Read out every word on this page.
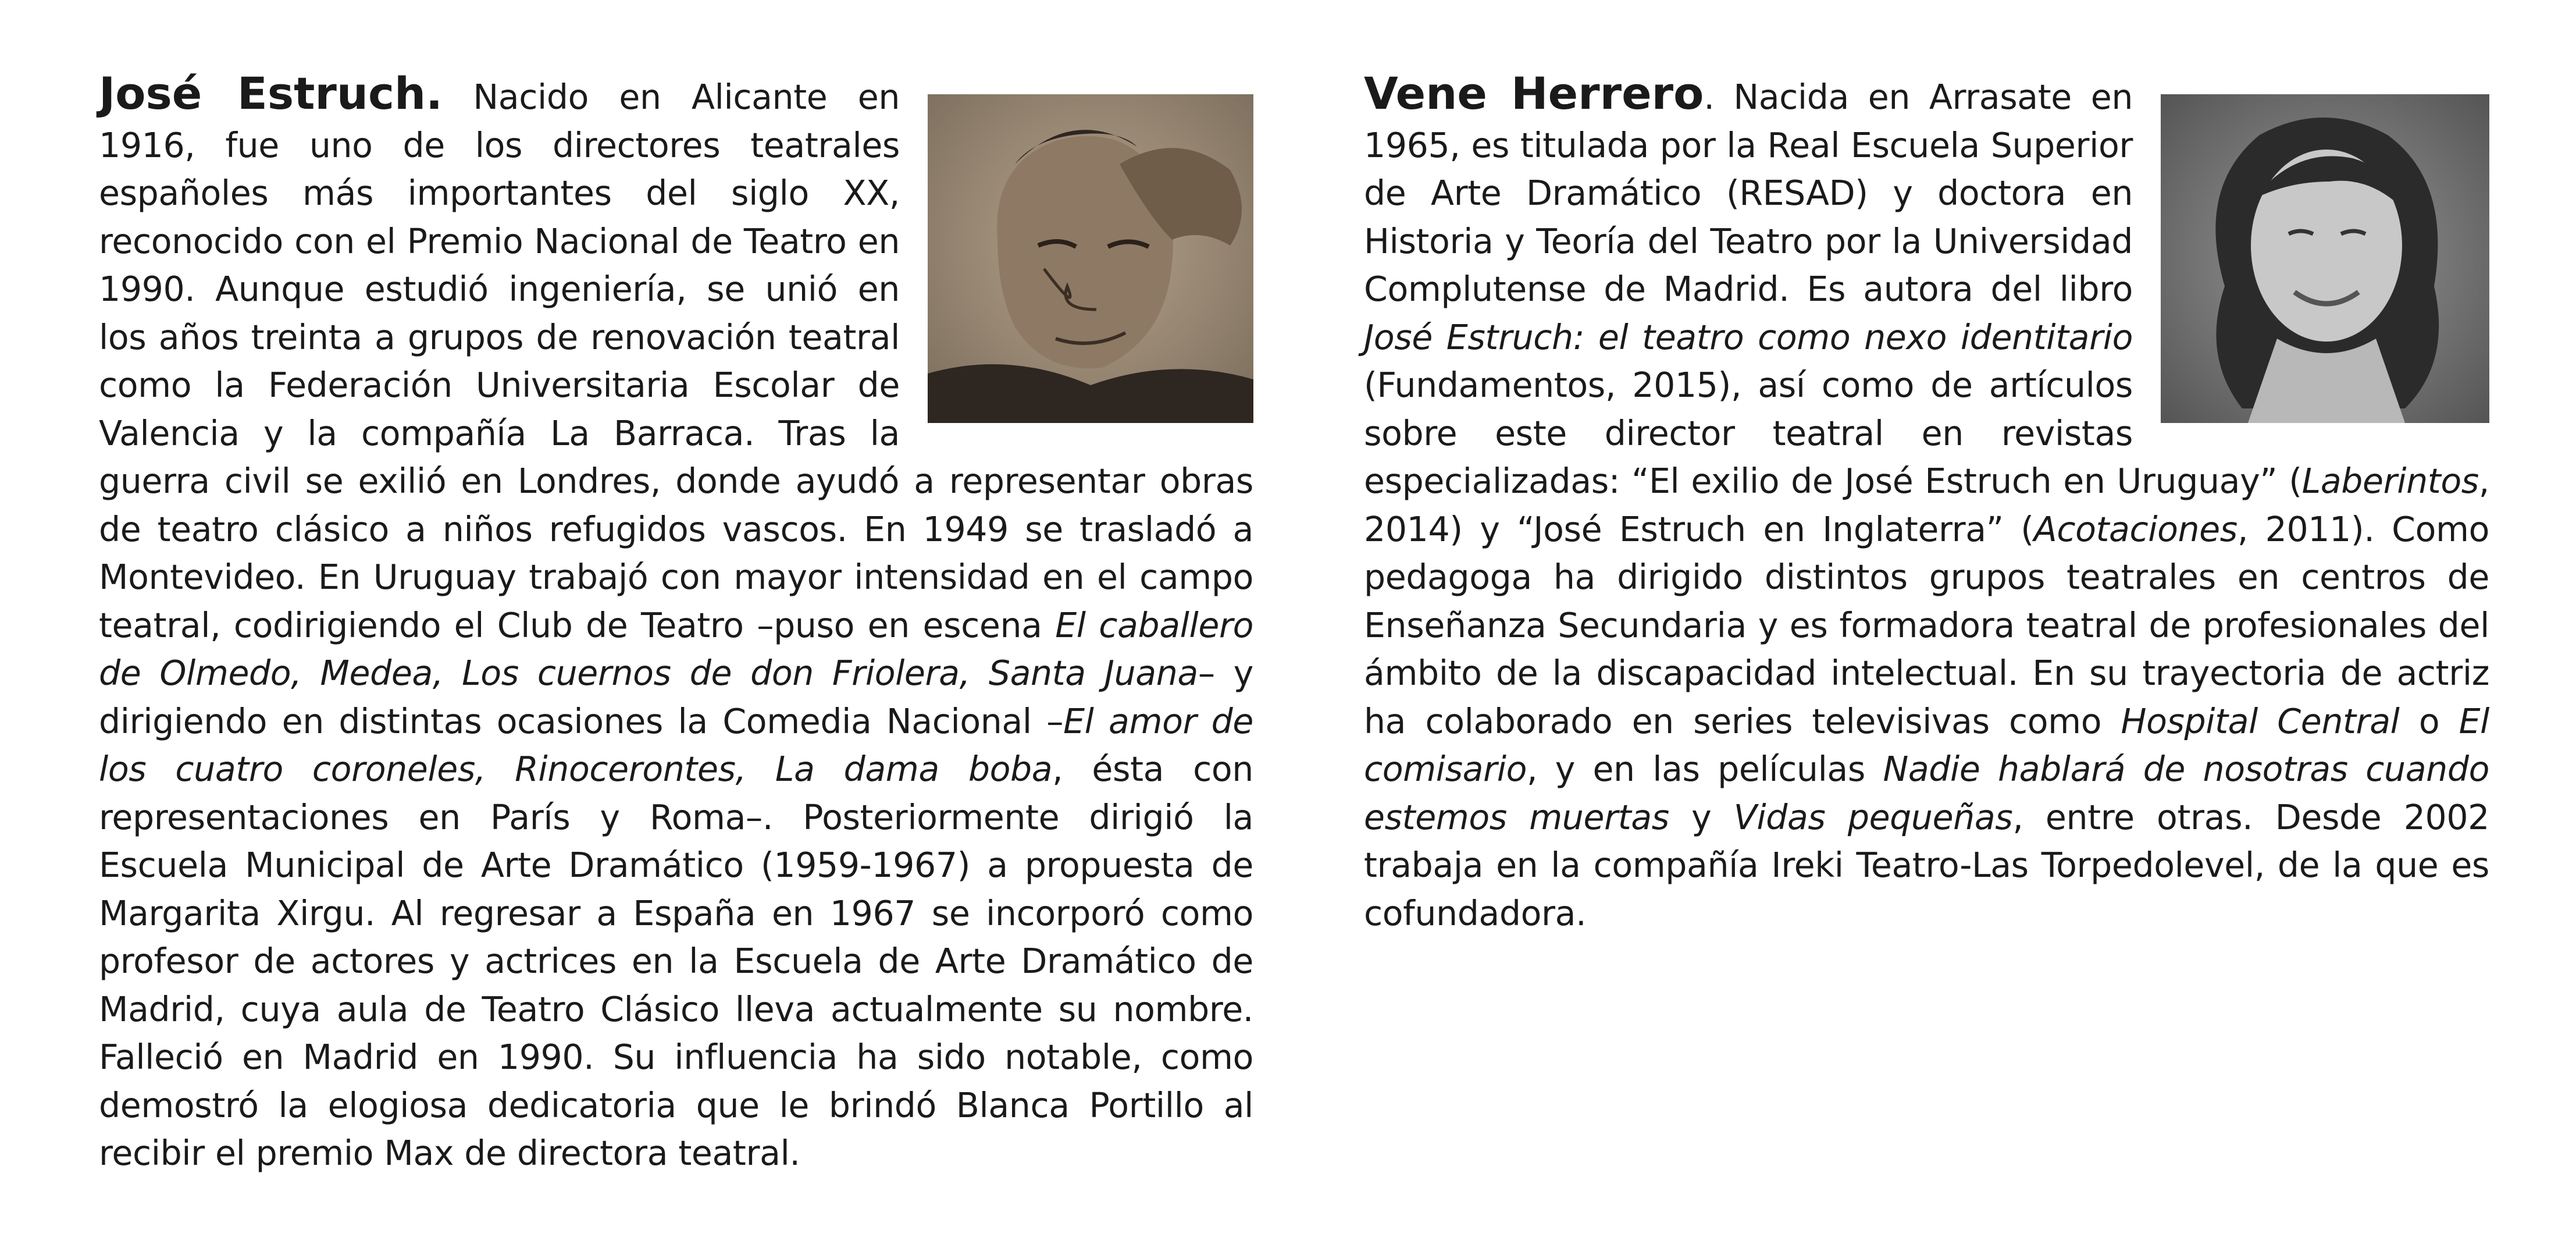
José Estruch. Nacido en Alicante en 1916, fue uno de los directores teatrales españoles más importantes del siglo XX, reconocido con el Premio Nacional de Teatro en 1990. Aunque estudió ingeniería, se unió en los años treinta a grupos de renovación teatral como la Federación Universitaria Escolar de Valencia y la compañía La Barraca. Tras la guerra civil se exilió en Londres, donde ayudó a representar obras de teatro clásico a niños refugidos vascos. En 1949 se trasladó a Montevideo. En Uruguay trabajó con mayor intensidad en el campo teatral, codirigiendo el Club de Teatro –puso en escena El caballero de Olmedo, Medea, Los cuernos de don Friolera, Santa Juana– y dirigiendo en distintas ocasiones la Comedia Nacional –El amor de los cuatro coroneles, Rinocerontes, La dama boba, ésta con representaciones en París y Roma–. Posteriormente dirigió la Escuela Municipal de Arte Dramático (1959-1967) a propuesta de Margarita Xirgu. Al regresar a España en 1967 se incorporó como profesor de actores y actrices en la Escuela de Arte Dramático de Madrid, cuya aula de Teatro Clásico lleva actualmente su nombre. Falleció en Madrid en 1990. Su influencia ha sido notable, como demostró la elogiosa dedicatoria que le brindó Blanca Portillo al recibir el premio Max de directora teatral.
Vene Herrero. Nacida en Arrasate en 1965, es titulada por la Real Escuela Superior de Arte Dramático (RESAD) y doctora en Historia y Teoría del Teatro por la Universidad Complutense de Madrid. Es autora del libro José Estruch: el teatro como nexo identitario (Fundamentos, 2015), así como de artículos sobre este director teatral en revistas especializadas: “El exilio de José Estruch en Uruguay” (Laberintos, 2014) y “José Estruch en Inglaterra” (Acotaciones, 2011). Como pedagoga ha dirigido distintos grupos teatrales en centros de Enseñanza Secundaria y es formadora teatral de profesionales del ámbito de la discapacidad intelectual. En su trayectoria de actriz ha colaborado en series televisivas como Hospital Central o El comisario, y en las películas Nadie hablará de nosotras cuando estemos muertas y Vidas pequeñas, entre otras. Desde 2002 trabaja en la compañía Ireki Teatro-Las Torpedolevel, de la que es cofundadora.
